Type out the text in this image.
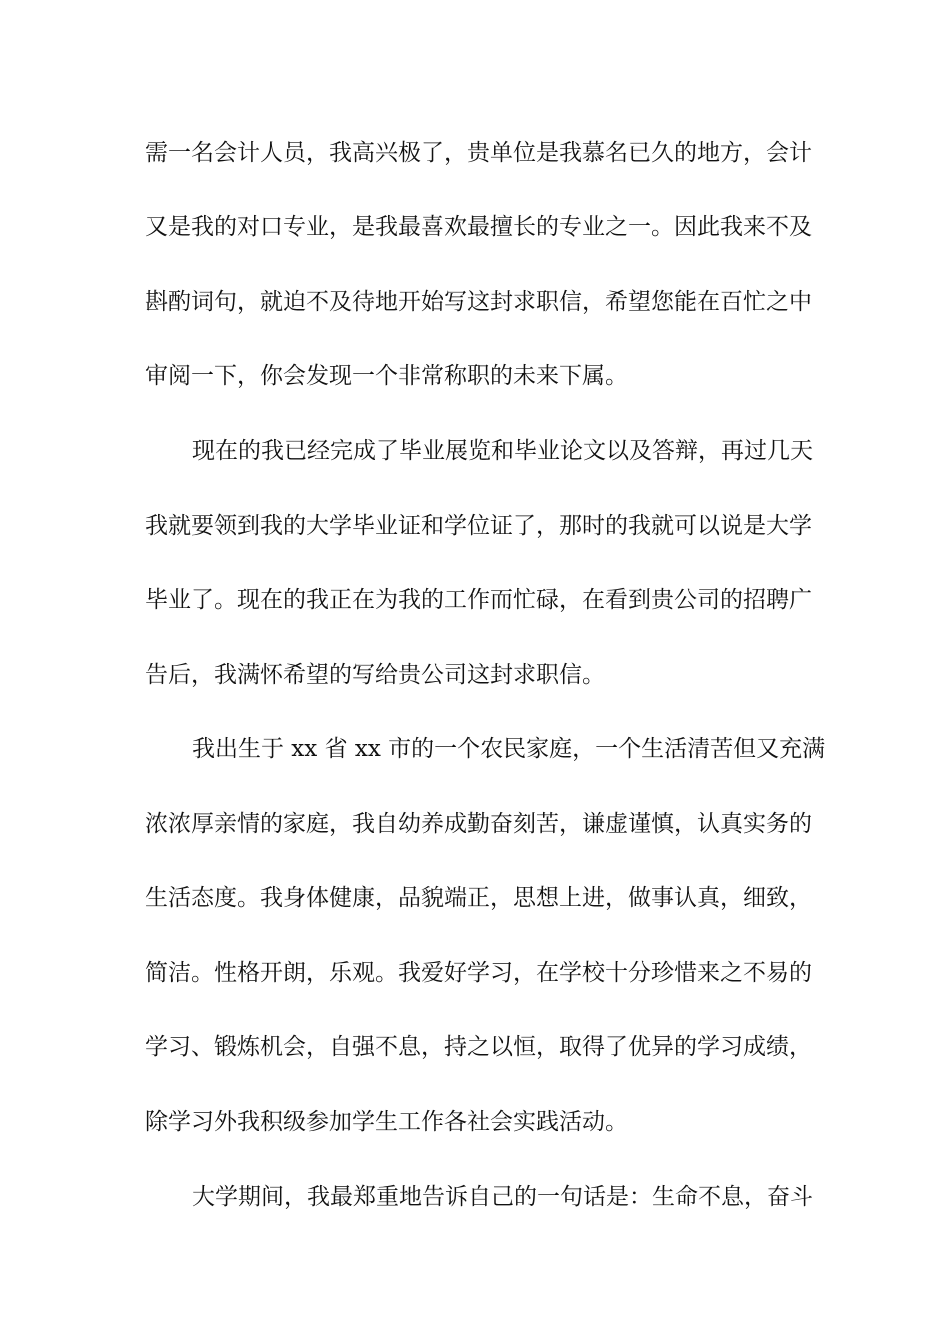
需一名会计人员，我高兴极了，贵单位是我慕名已久的地方，会计
又是我的对口专业，是我最喜欢最擅长的专业之一。因此我来不及
斟酌词句，就迫不及待地开始写这封求职信，希望您能在百忙之中
审阅一下，你会发现一个非常称职的未来下属。
现在的我已经完成了毕业展览和毕业论文以及答辩，再过几天
我就要领到我的大学毕业证和学位证了，那时的我就可以说是大学
毕业了。现在的我正在为我的工作而忙碌，在看到贵公司的招聘广
告后，我满怀希望的写给贵公司这封求职信。
我出生于 xx 省 xx 市的一个农民家庭，一个生活清苦但又充满
浓浓厚亲情的家庭，我自幼养成勤奋刻苦，谦虚谨慎，认真实务的
生活态度。我身体健康，品貌端正，思想上进，做事认真，细致，
简洁。性格开朗，乐观。我爱好学习，在学校十分珍惜来之不易的
学习、锻炼机会，自强不息，持之以恒，取得了优异的学习成绩，
除学习外我积级参加学生工作各社会实践活动。
大学期间，我最郑重地告诉自己的一句话是：生命不息，奋斗
